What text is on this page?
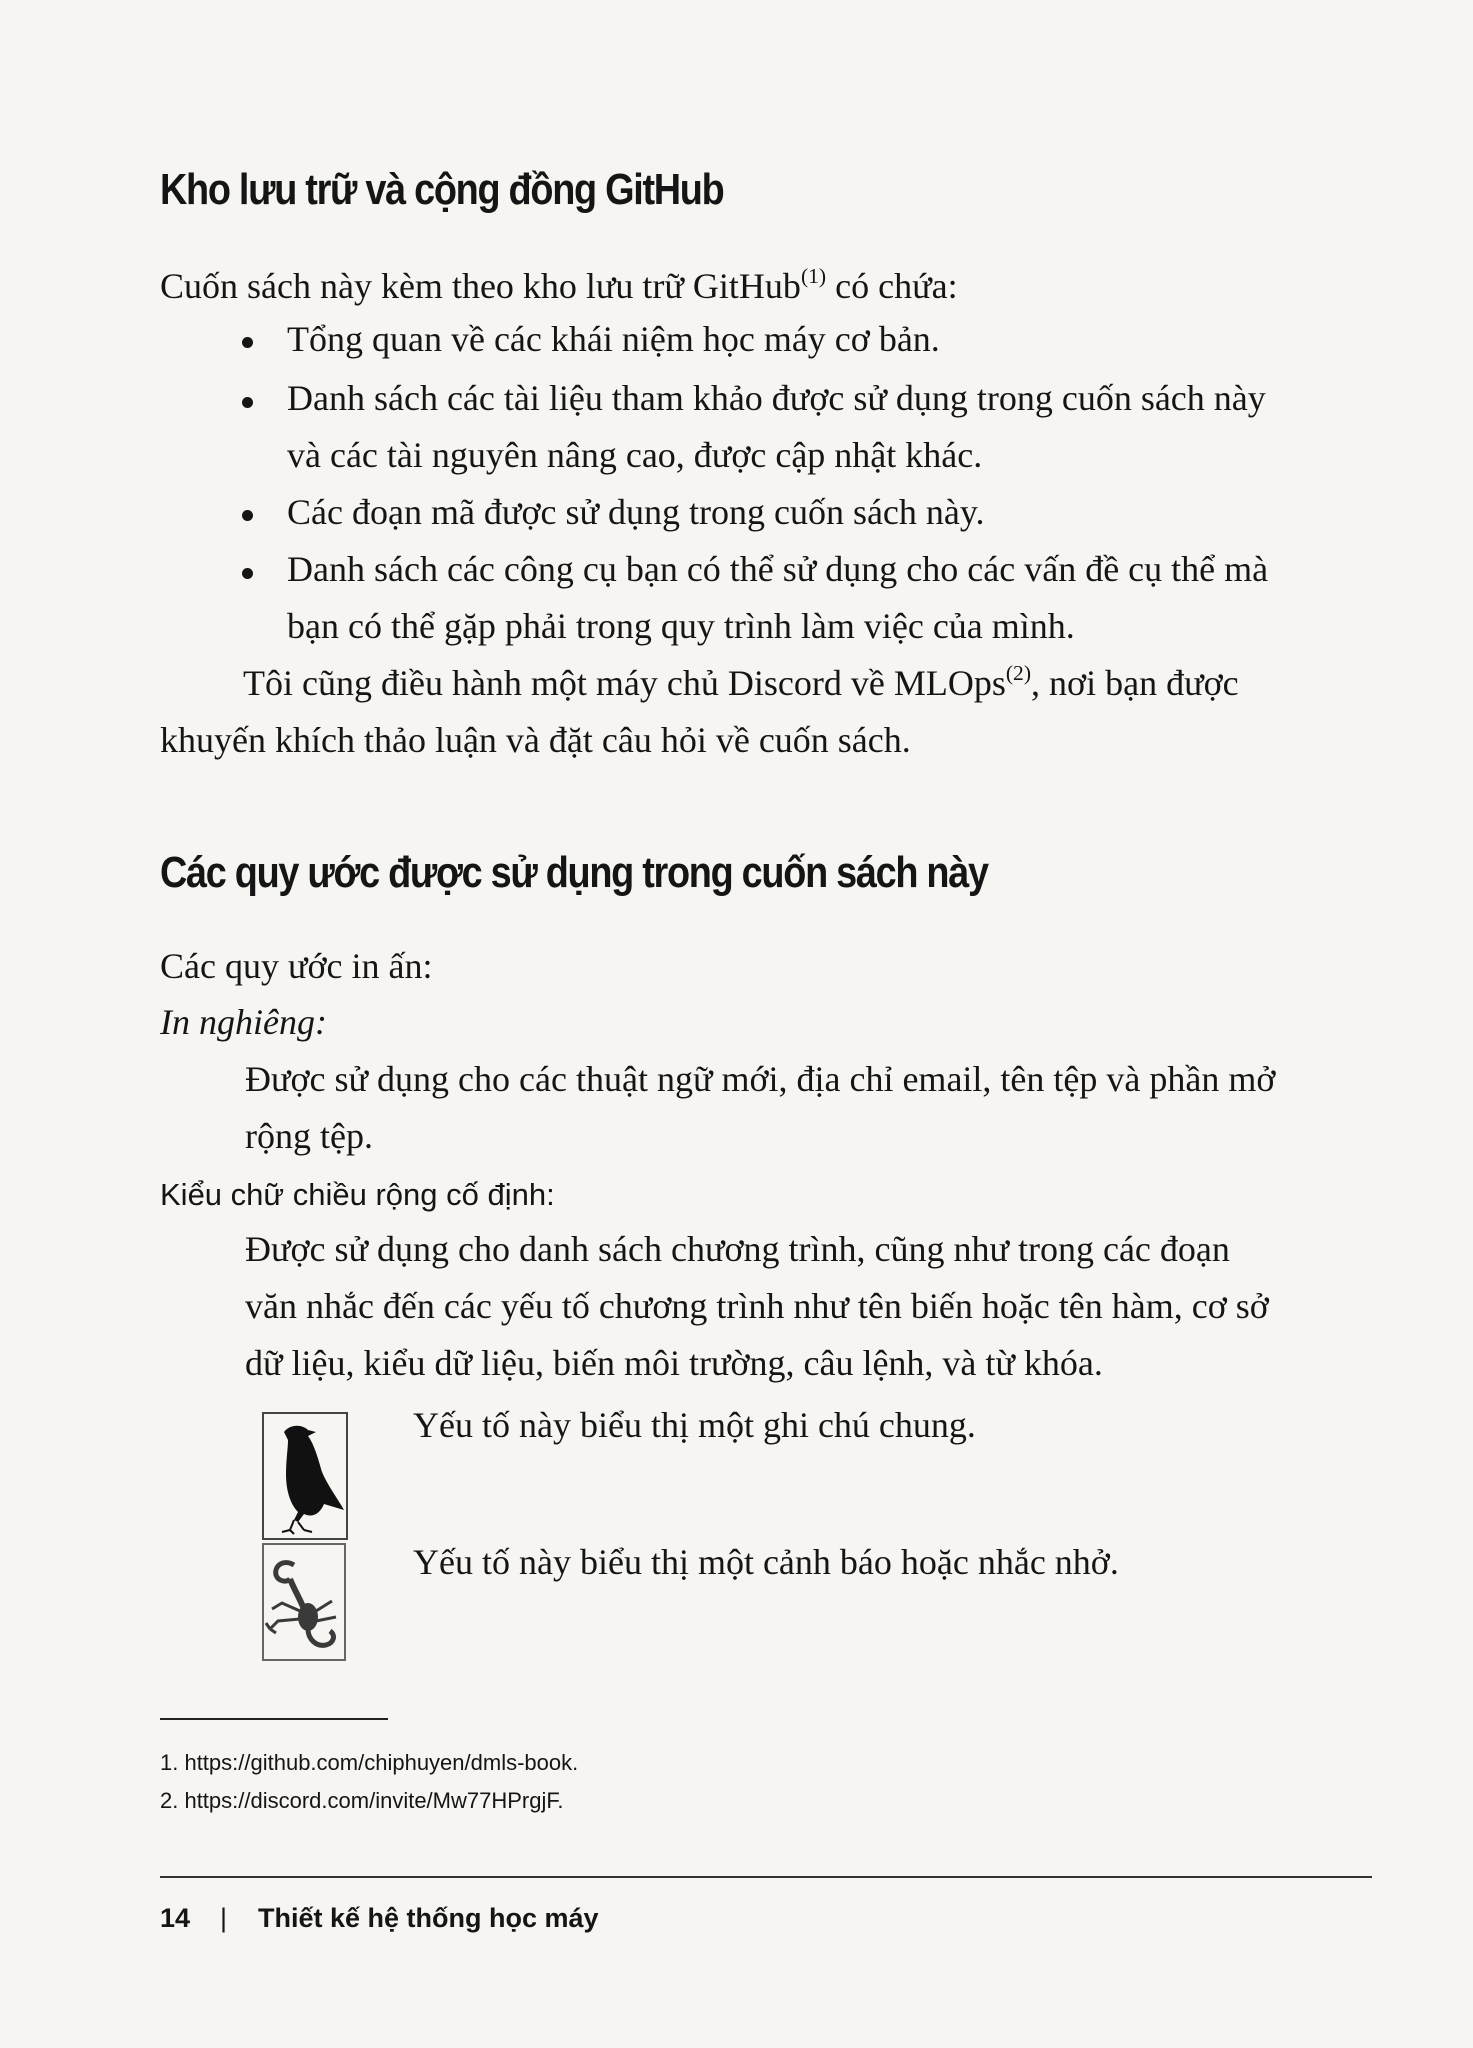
Kho lưu trữ và cộng đồng GitHub
Cuốn sách này kèm theo kho lưu trữ GitHub$^{(1)}$ có chứa:
Tổng quan về các khái niệm học máy cơ bản.
Danh sách các tài liệu tham khảo được sử dụng trong cuốn sách này
và các tài nguyên nâng cao, được cập nhật khác.
Các đoạn mã được sử dụng trong cuốn sách này.
Danh sách các công cụ bạn có thể sử dụng cho các vấn đề cụ thể mà
bạn có thể gặp phải trong quy trình làm việc của mình.
Tôi cũng điều hành một máy chủ Discord về MLOps$^{(2)}$, nơi bạn được
khuyến khích thảo luận và đặt câu hỏi về cuốn sách.
Các quy ước được sử dụng trong cuốn sách này
Các quy ước in ấn:
In nghiêng:
Được sử dụng cho các thuật ngữ mới, địa chỉ email, tên tệp và phần mở
rộng tệp.
Kiểu chữ chiều rộng cố định:
Được sử dụng cho danh sách chương trình, cũng như trong các đoạn
văn nhắc đến các yếu tố chương trình như tên biến hoặc tên hàm, cơ sở
dữ liệu, kiểu dữ liệu, biến môi trường, câu lệnh, và từ khóa.
Yếu tố này biểu thị một ghi chú chung.
Yếu tố này biểu thị một cảnh báo hoặc nhắc nhở.
1. https://github.com/chiphuyen/dmls-book.
2. https://discord.com/invite/Mw77HPrgjF.
14 | Thiết kế hệ thống học máy
